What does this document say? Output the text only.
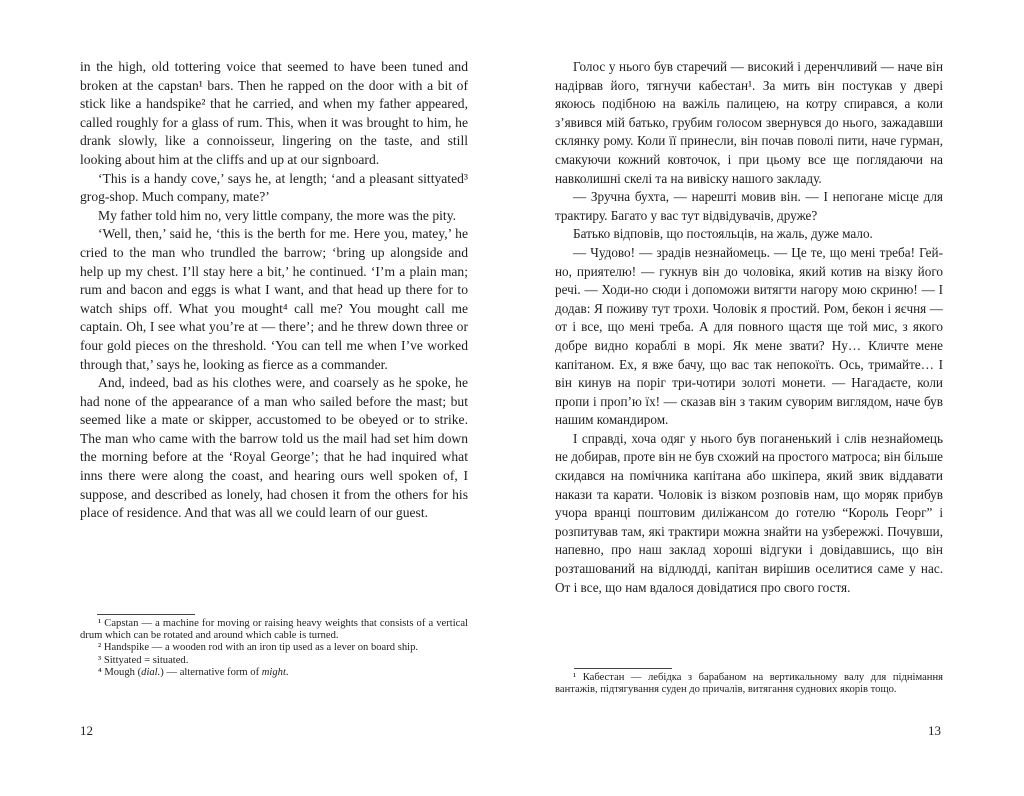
in the high, old tottering voice that seemed to have been tuned and broken at the capstan¹ bars. Then he rapped on the door with a bit of stick like a handspike² that he carried, and when my father appeared, called roughly for a glass of rum. This, when it was brought to him, he drank slowly, like a connoisseur, lingering on the taste, and still looking about him at the cliffs and up at our signboard.

‘This is a handy cove,’ says he, at length; ‘and a pleasant sittyated³ grog-shop. Much company, mate?’

My father told him no, very little company, the more was the pity.

‘Well, then,’ said he, ‘this is the berth for me. Here you, matey,’ he cried to the man who trundled the barrow; ‘bring up alongside and help up my chest. I’ll stay here a bit,’ he continued. ‘I’m a plain man; rum and bacon and eggs is what I want, and that head up there for to watch ships off. What you mought⁴ call me? You mought call me captain. Oh, I see what you’re at — there’; and he threw down three or four gold pieces on the threshold. ‘You can tell me when I’ve worked through that,’ says he, looking as fierce as a commander.

And, indeed, bad as his clothes were, and coarsely as he spoke, he had none of the appearance of a man who sailed before the mast; but seemed like a mate or skipper, accustomed to be obeyed or to strike. The man who came with the barrow told us the mail had set him down the morning before at the ‘Royal George’; that he had inquired what inns there were along the coast, and hearing ours well spoken of, I suppose, and described as lonely, had chosen it from the others for his place of residence. And that was all we could learn of our guest.

¹ Capstan — a machine for moving or raising heavy weights that consists of a vertical drum which can be rotated and around which cable is turned.

² Handspike — a wooden rod with an iron tip used as a lever on board ship.

³ Sittyated = situated.

⁴ Mough (dial.) — alternative form of might.

12

Голос у нього був старечий — високий і деренчливий — наче він надірвав його, тягнучи кабестан¹. За мить він постукав у двері якоюсь подібною на важіль палицею, на котру спирався, а коли з’явився мій батько, грубим голосом звернувся до нього, зажадавши склянку рому. Коли її принесли, він почав поволі пити, наче гурман, смакуючи кожний ковточок, і при цьому все ще поглядаючи на навколишні скелі та на вивіску нашого закладу.

— Зручна бухта, — нарешті мовив він. — І непогане місце для трактиру. Багато у вас тут відвідувачів, друже?

Батько відповів, що постояльців, на жаль, дуже мало.

— Чудово! — зрадів незнайомець. — Це те, що мені треба! Гей-но, приятелю! — гукнув він до чоловіка, який котив на візку його речі. — Ходи-но сюди і допоможи витягти нагору мою скриню! — І додав: Я поживу тут трохи. Чоловік я простий. Ром, бекон і яєчня — от і все, що мені треба. А для повного щастя ще той мис, з якого добре видно кораблі в морі. Як мене звати? Ну… Кличте мене капітаном. Ех, я вже бачу, що вас так непокоїть. Ось, тримайте… І він кинув на поріг три-чотири золоті монети. — Нагадаєте, коли пропи і проп’ю їх! — сказав він з таким суворим виглядом, наче був нашим командиром.

І справді, хоча одяг у нього був поганенький і слів незнайомець не добирав, проте він не був схожий на простого матроса; він більше скидався на помічника капітана або шкіпера, який звик віддавати накази та карати. Чоловік із візком розповів нам, що моряк прибув учора вранці поштовим диліжансом до готелю “Король Георг” і розпитував там, які трактири можна знайти на узбережжі. Почувши, напевно, про наш заклад хороші відгуки і довідавшись, що він розташований на відлюдді, капітан вирішив оселитися саме у нас. От і все, що нам вдалося довідатися про свого гостя.

¹ Кабестан — лебідка з барабаном на вертикальному валу для піднімання вантажів, підтягування суден до причалів, витягання суднових якорів тощо.

13
